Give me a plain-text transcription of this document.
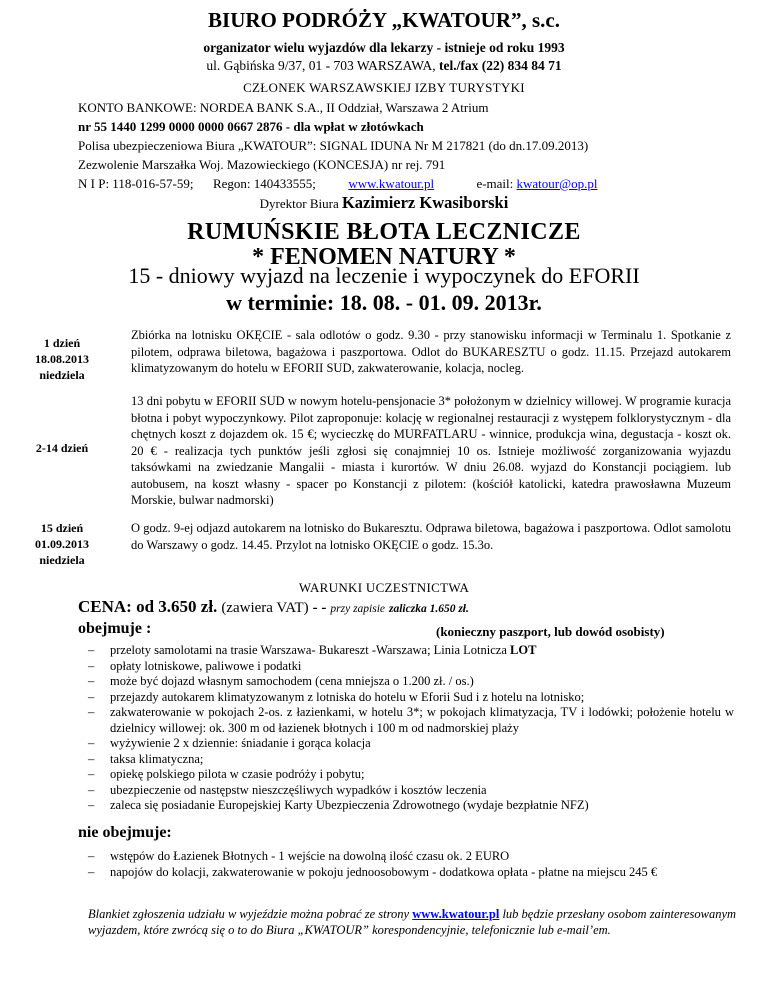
BIURO PODRÓŻY „KWATOUR”, s.c.
organizator wielu wyjazdów dla lekarzy - istnieje od roku 1993
ul. Gąbińska 9/37, 01 - 703 WARSZAWA, tel./fax (22) 834 84 71
CZŁONEK WARSZAWSKIEJ IZBY TURYSTYKI
KONTO BANKOWE: NORDEA BANK S.A., II Oddział, Warszawa 2 Atrium
nr 55 1440 1299 0000 0000 0667 2876 - dla wpłat w złotówkach
Polisa ubezpieczeniowa Biura „KWATOUR”: SIGNAL IDUNA Nr M 217821 (do dn.17.09.2013)
Zezwolenie Marszałka Woj. Mazowieckiego (KONCESJA) nr rej. 791
N I P: 118-016-57-59; Regon: 140433555;	www.kwatour.pl	e-mail: kwatour@op.pl
Dyrektor Biura Kazimierz Kwasiborski
RUMUŃSKIE BŁOTA LECZNICZE
* FENOMEN NATURY *
15 - dniowy wyjazd na leczenie i wypoczynek do EFORII
w terminie: 18. 08. - 01. 09. 2013r.
1 dzień
18.08.2013
niedziela
Zbiórka na lotnisku OKĘCIE - sala odlotów o godz. 9.30 - przy stanowisku informacji w Terminalu 1. Spotkanie z pilotem, odprawa biletowa, bagażowa i paszportowa. Odlot do BUKARESZTU o godz. 11.15. Przejazd autokarem klimatyzowanym do hotelu w EFORII SUD, zakwaterowanie, kolacja, nocleg.
2-14 dzień
13 dni pobytu w EFORII SUD w nowym hotelu-pensjonacie 3* położonym w dzielnicy willowej. W programie kuracja błotna i pobyt wypoczynkowy. Pilot zaproponuje: kolację w regionalnej restauracji z występem folklorystycznym - dla chętnych koszt z dojazdem ok. 15 €; wycieczkę do MURFATLARU - winnice, produkcja wina, degustacja - koszt ok. 20 € - realizacja tych punktów jeśli zgłosi się conajmniej 10 os. Istnieje możliwość zorganizowania wyjazdu taksówkami na zwiedzanie Mangalii - miasta i kurortów. W dniu 26.08. wyjazd do Konstancji pociągiem. lub autobusem, na koszt własny - spacer po Konstancji z pilotem: (kościół katolicki, katedra prawosławna Muzeum Morskie, bulwar nadmorski)
15 dzień
01.09.2013
niedziela
O godz. 9-ej odjazd autokarem na lotnisko do Bukaresztu. Odprawa biletowa, bagażowa i paszportowa. Odlot samolotu do Warszawy o godz. 14.45. Przylot na lotnisko OKĘCIE o godz. 15.3o.
WARUNKI UCZESTNICTWA
CENA: od 3.650 zł. (zawiera VAT) - - przy zapisie zaliczka 1.650 zł.
obejmuje :	(konieczny paszport, lub dowód osobisty)
– przeloty samolotami na trasie Warszawa- Bukareszt -Warszawa; Linia Lotnicza LOT
– opłaty lotniskowe, paliwowe i podatki
– może być dojazd własnym samochodem (cena mniejsza o 1.200 zł. / os.)
– przejazdy autokarem klimatyzowanym z lotniska do hotelu w Eforii Sud i z hotelu na lotnisko;
– zakwaterowanie w pokojach 2-os. z łazienkami, w hotelu 3*; w pokojach klimatyzacja, TV i lodówki; położenie hotelu w dzielnicy willowej: ok. 300 m od łazienek błotnych i 100 m od nadmorskiej plaży
– wyżywienie 2 x dziennie: śniadanie i gorąca kolacja
– taksa klimatyczna;
– opiekę polskiego pilota w czasie podróży i pobytu;
– ubezpieczenie od następstw nieszczęśliwych wypadków i kosztów leczenia
– zaleca się posiadanie Europejskiej Karty Ubezpieczenia Zdrowotnego (wydaje bezpłatnie NFZ)
nie obejmuje:
– wstępów do Łazienek Błotnych - 1 wejście na dowolną ilość czasu ok. 2 EURO
– napojów do kolacji, zakwaterowanie w pokoju jednoosobowym - dodatkowa opłata - płatne na miejscu 245 €
Blankiet zgłoszenia udziału w wyjeździe można pobrać ze strony www.kwatour.pl lub będzie przesłany osobom zainteresowanym wyjazdem, które zwrócą się o to do Biura „KWATOUR” korespondencyjnie, telefonicznie lub e-mail’em.
